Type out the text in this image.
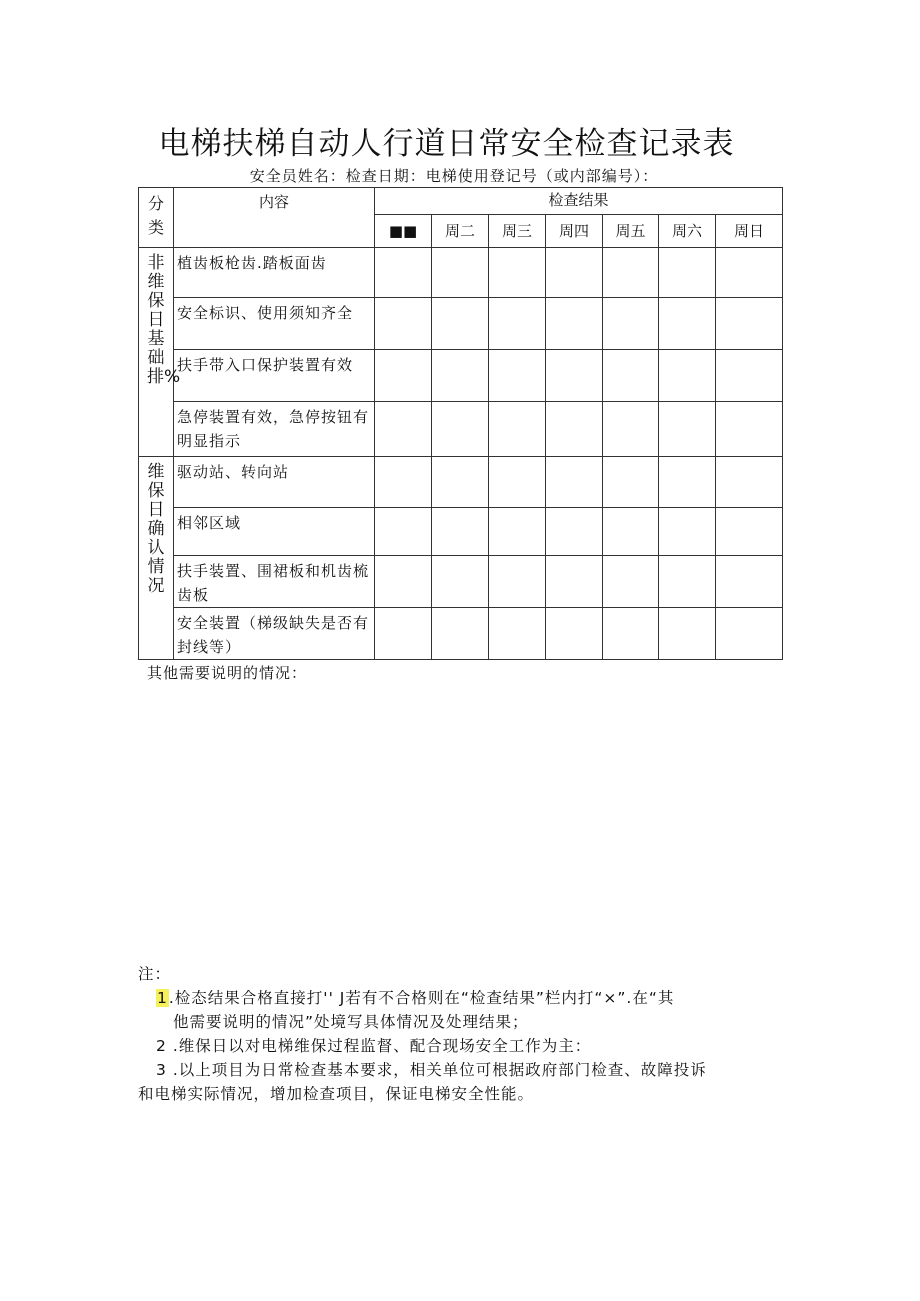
电梯扶梯自动人行道日常安全检查记录表
安全员姓名：检查日期：电梯使用登记号（或内部编号）：
分类	内容	检查结果						
		■■	周二	周三	周四	周五	周六	周日
非维保日基础排%	植齿板枪齿.踏板面齿							
	安全标识、使用须知齐全							
	扶手带入口保护装置有效							
	急停装置有效，急停按钮有明显指示							
维保日确认情况	驱动站、转向站							
	相邻区域							
	扶手装置、围裙板和机齿梳齿板							
	安全装置（梯级缺失是否有封线等）							
其他需要说明的情况：
注：
1.检态结果合格直接打'' J若有不合格则在“检查结果”栏内打“×”.在“其
他需要说明的情况”处境写具体情况及处理结果；
2 .维保日以对电梯维保过程监督、配合现场安全工作为主：
3 .以上项目为日常检查基本要求，相关单位可根据政府部门检查、故障投诉
和电梯实际情况，增加检查项目，保证电梯安全性能。
